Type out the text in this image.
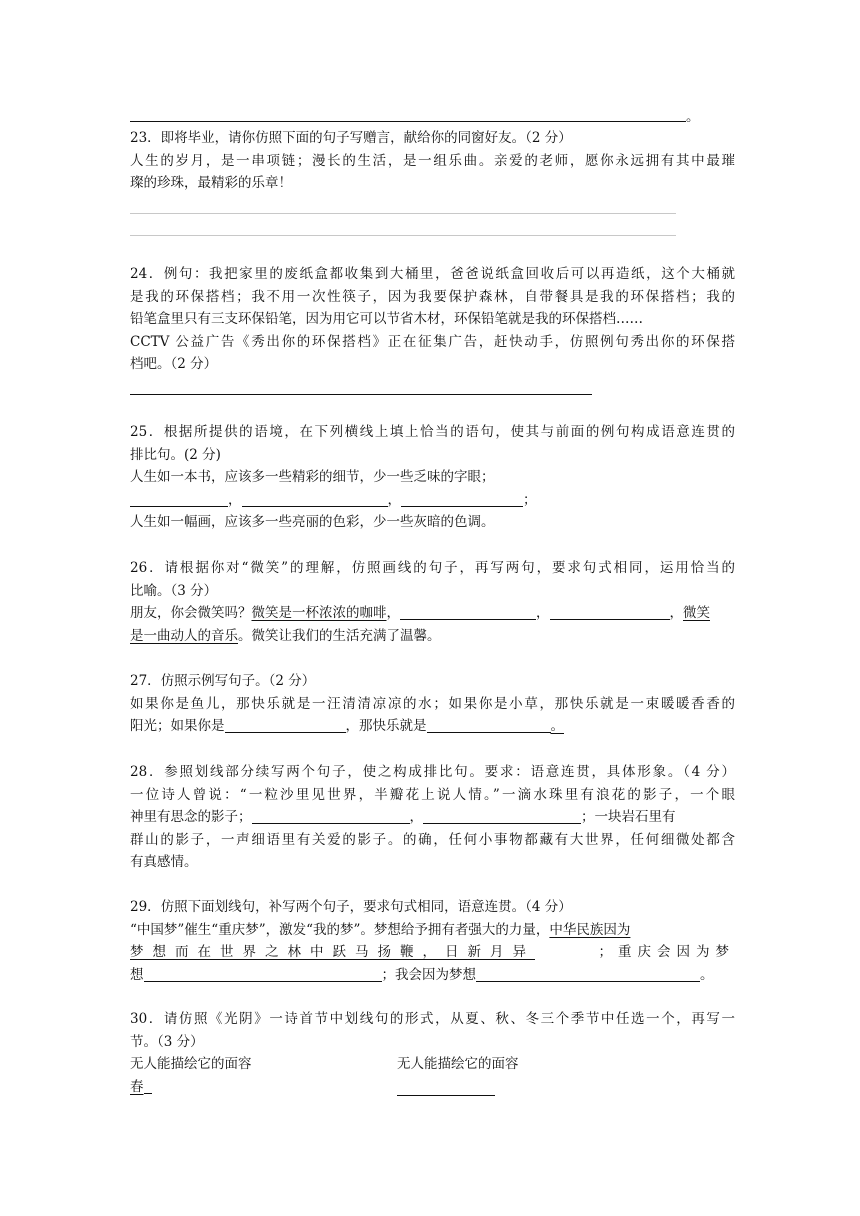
。
23．即将毕业，请你仿照下面的句子写赠言，献给你的同窗好友。（2 分）
人生的岁月，是一串项链；漫长的生活，是一组乐曲。亲爱的老师，愿你永远拥有其中最璀
璨的珍珠，最精彩的乐章！
24．例句：我把家里的废纸盒都收集到大桶里，爸爸说纸盒回收后可以再造纸，这个大桶就
是我的环保搭档；我不用一次性筷子，因为我要保护森林，自带餐具是我的环保搭档；我的
铅笔盒里只有三支环保铅笔，因为用它可以节省木材，环保铅笔就是我的环保搭档……
CCTV 公益广告《秀出你的环保搭档》正在征集广告，赶快动手，仿照例句秀出你的环保搭
档吧。（2 分）
25．根据所提供的语境，在下列横线上填上恰当的语句，使其与前面的例句构成语意连贯的
排比句。(2 分)
人生如一本书，应该多一些精彩的细节，少一些乏味的字眼；
，	，	；
人生如一幅画，应该多一些亮丽的色彩，少一些灰暗的色调。
26．请根据你对“微笑”的理解，仿照画线的句子，再写两句，要求句式相同，运用恰当的
比喻。（3 分）
朋友，你会微笑吗？微笑是一杯浓浓的咖啡，	，	，微笑
是一曲动人的音乐。微笑让我们的生活充满了温馨。
27．仿照示例写句子。（2 分）
如果你是鱼儿，那快乐就是一汪清清凉凉的水；如果你是小草，那快乐就是一束暖暖香香的
阳光；如果你是	，那快乐就是	。
28．参照划线部分续写两个句子，使之构成排比句。要求：语意连贯，具体形象。（4 分）
一位诗人曾说：“一粒沙里见世界，半瓣花上说人情。”一滴水珠里有浪花的影子，一个眼
神里有思念的影子；	，	；一块岩石里有
群山的影子，一声细语里有关爱的影子。的确，任何小事物都藏有大世界，任何细微处都含
有真感情。
29．仿照下面划线句，补写两个句子，要求句式相同，语意连贯。（4 分）
“中国梦”催生“重庆梦”，激发“我的梦”。梦想给予拥有者强大的力量，中华民族因为
梦想而在世界之林中跃马扬鞭，日新月异	；重庆会因为梦
想	；我会因为梦想	。
30．请仿照《光阴》一诗首节中划线句的形式，从夏、秋、冬三个季节中任选一个，再写一
节。（3 分）
无人能描绘它的面容	无人能描绘它的面容
春
